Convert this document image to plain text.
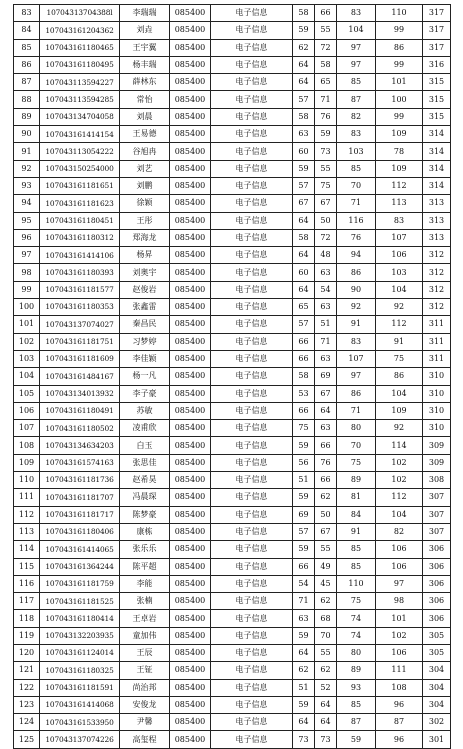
83	10704313704388l	李瑞瑞	085400	电子信息	58	66	83	110	317
84	107043161204362	刘垚	085400	电子信息	59	55	104	99	317
85	107043161180465	王宇翼	085400	电子信息	62	72	97	86	317
86	107043161180495	杨丰瑞	085400	电子信息	64	58	97	99	316
87	107043113594227	薛林东	085400	电子信息	64	65	85	101	315
88	107043113594285	常怡	085400	电子信息	57	71	87	100	315
89	107043134704058	刘晨	085400	电子信息	58	76	82	99	315
90	107043161414154	王易德	085400	电子信息	63	59	83	109	314
91	107043113054222	谷旭冉	085400	电子信息	60	73	103	78	314
92	107043150254000	刘艺	085400	电子信息	59	55	85	109	314
93	107043161181651	刘鹏	085400	电子信息	57	75	70	112	314
94	107043161181623	徐颖	085400	电子信息	67	67	71	113	313
95	107043161180451	王彤	085400	电子信息	64	50	116	83	313
96	107043161180312	郑海龙	085400	电子信息	58	72	76	107	313
97	107043161414106	杨昇	085400	电子信息	64	48	94	106	312
98	107043161180393	刘奥宇	085400	电子信息	60	63	86	103	312
99	107043161181577	赵俊岩	085400	电子信息	64	54	90	104	312
100	107043161180353	张鑫雷	085400	电子信息	65	63	92	92	312
101	107043137074027	秦昌民	085400	电子信息	57	51	91	112	311
102	107043161181751	习梦婷	085400	电子信息	66	71	83	91	311
103	107043161181609	李佳颖	085400	电子信息	66	63	107	75	311
104	107043161484167	杨一凡	085400	电子信息	58	69	97	86	310
105	107043134013932	李子豪	085400	电子信息	53	67	86	104	310
106	107043161180491	苏敏	085400	电子信息	66	64	71	109	310
107	107043161180502	凌甫欣	085400	电子信息	75	63	80	92	310
108	107043134634203	白玉	085400	电子信息	59	66	70	114	309
109	107043161574163	张思佳	085400	电子信息	56	76	75	102	309
110	107043161181736	赵希昊	085400	电子信息	51	66	89	102	308
111	107043161181707	冯晨琛	085400	电子信息	59	62	81	112	307
112	107043161181717	陈梦豪	085400	电子信息	69	50	84	104	307
113	107043161180406	康栋	085400	电子信息	57	67	91	82	307
114	107043161414065	张乐乐	085400	电子信息	59	55	85	106	306
115	107043161364244	陈平超	085400	电子信息	66	49	85	106	306
116	107043161181759	李能	085400	电子信息	54	45	110	97	306
117	107043161181525	张楠	085400	电子信息	71	62	75	98	306
118	107043161180414	王卓岩	085400	电子信息	63	68	74	101	306
119	107043132203935	童加伟	085400	电子信息	59	70	74	102	305
120	107043161124014	王辰	085400	电子信息	64	55	80	106	305
121	107043161180325	王钲	085400	电子信息	62	62	89	111	304
122	107043161181591	尚治邦	085400	电子信息	51	52	93	108	304
123	107043161414068	安俊龙	085400	电子信息	59	64	85	96	304
124	107043161533950	尹馨	085400	电子信息	64	64	87	87	302
125	107043137074226	高玺程	085400	电子信息	73	73	59	96	301
